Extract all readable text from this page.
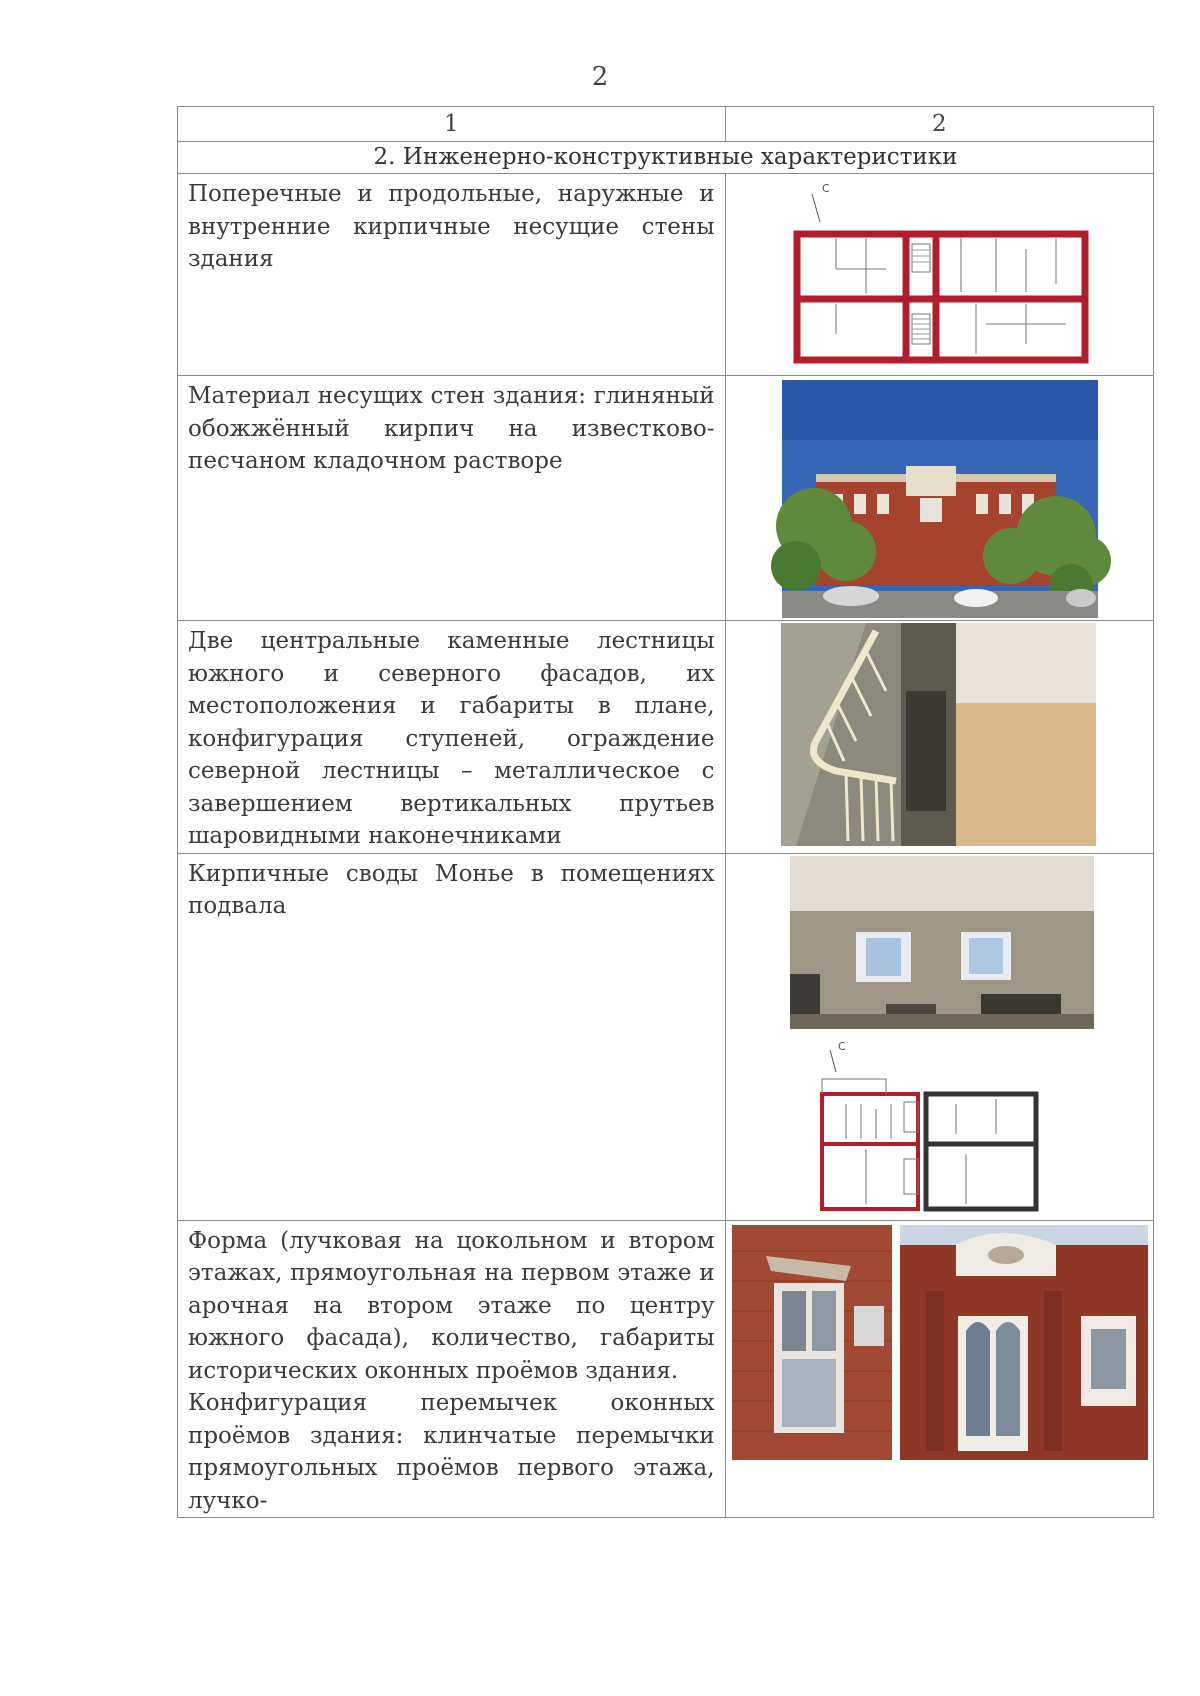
2
1	2
2. Инженерно-конструктивные характеристики	

Поперечные и продольные, наружные и внутренние кирпичные несущие стены здания	С

Материал несущих стен здания: глиняный обожжённый кирпич на известково-песчаном кладочном растворе

Две центральные каменные лестницы южного и северного фасадов, их местоположения и габариты в плане, конфигурация ступеней, ограждение северной лестницы – металлическое с завершением вертикальных прутьев шаровидными наконечниками

Кирпичные своды Монье в помещениях подвала	С

Форма (лучковая на цокольном и втором этажах, прямоугольная на первом этаже и арочная на втором этаже по центру южного фасада), количество, габариты исторических оконных проёмов здания.

Конфигурация перемычек оконных проёмов здания: клинчатые перемычки прямоугольных проёмов первого этажа, лучко-
